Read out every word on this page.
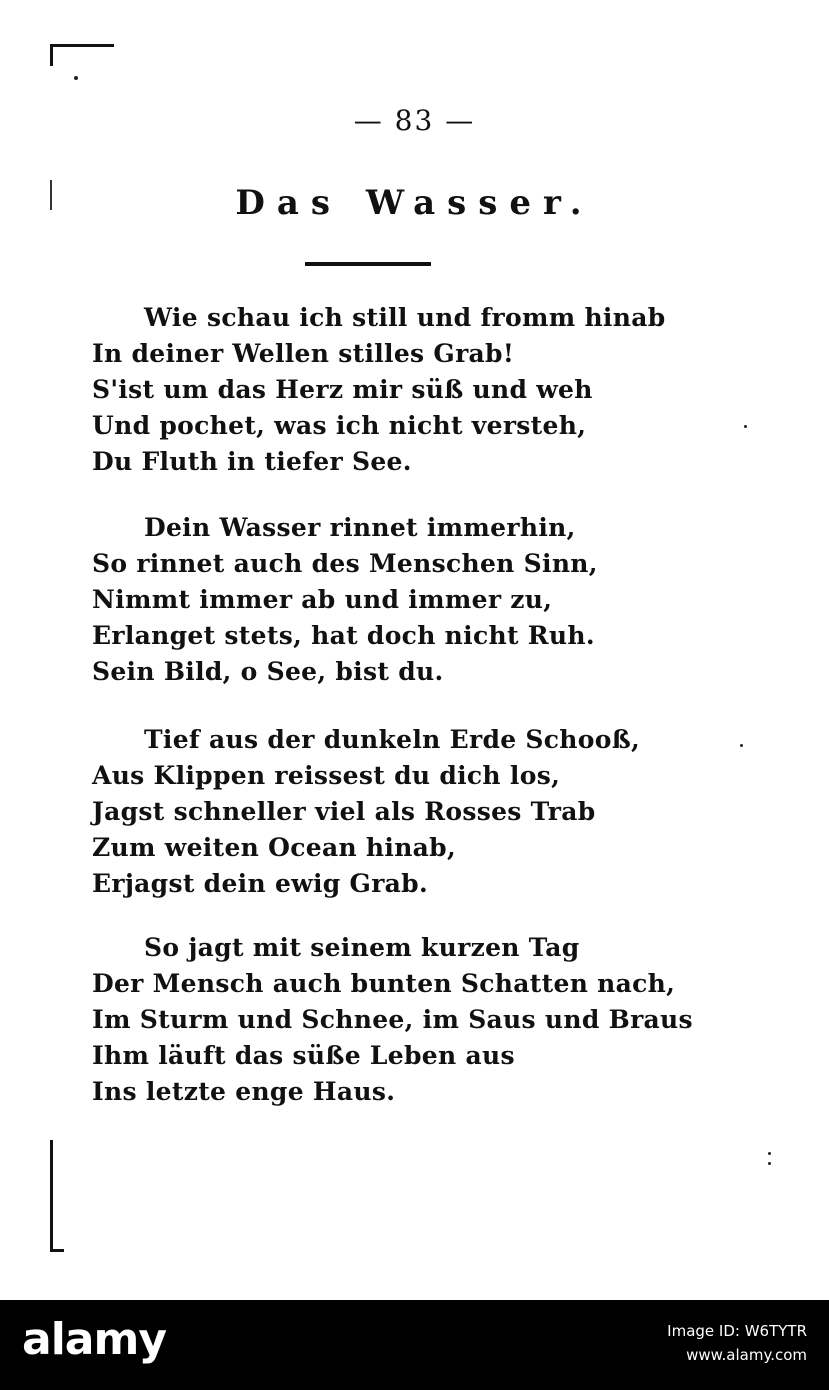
— 83 —
Das Wasser.
Wie schau ich still und fromm hinab
In deiner Wellen stilles Grab!
S'ist um das Herz mir süß und weh
Und pochet, was ich nicht versteh,
Du Fluth in tiefer See.
Dein Wasser rinnet immerhin,
So rinnet auch des Menschen Sinn,
Nimmt immer ab und immer zu,
Erlanget stets, hat doch nicht Ruh.
Sein Bild, o See, bist du.
Tief aus der dunkeln Erde Schooß,
Aus Klippen reissest du dich los,
Jagst schneller viel als Rosses Trab
Zum weiten Ocean hinab,
Erjagst dein ewig Grab.
So jagt mit seinem kurzen Tag
Der Mensch auch bunten Schatten nach,
Im Sturm und Schnee, im Saus und Braus
Ihm läuft das süße Leben aus
Ins letzte enge Haus.
alamy	Image ID: W6TYTR
www.alamy.com
